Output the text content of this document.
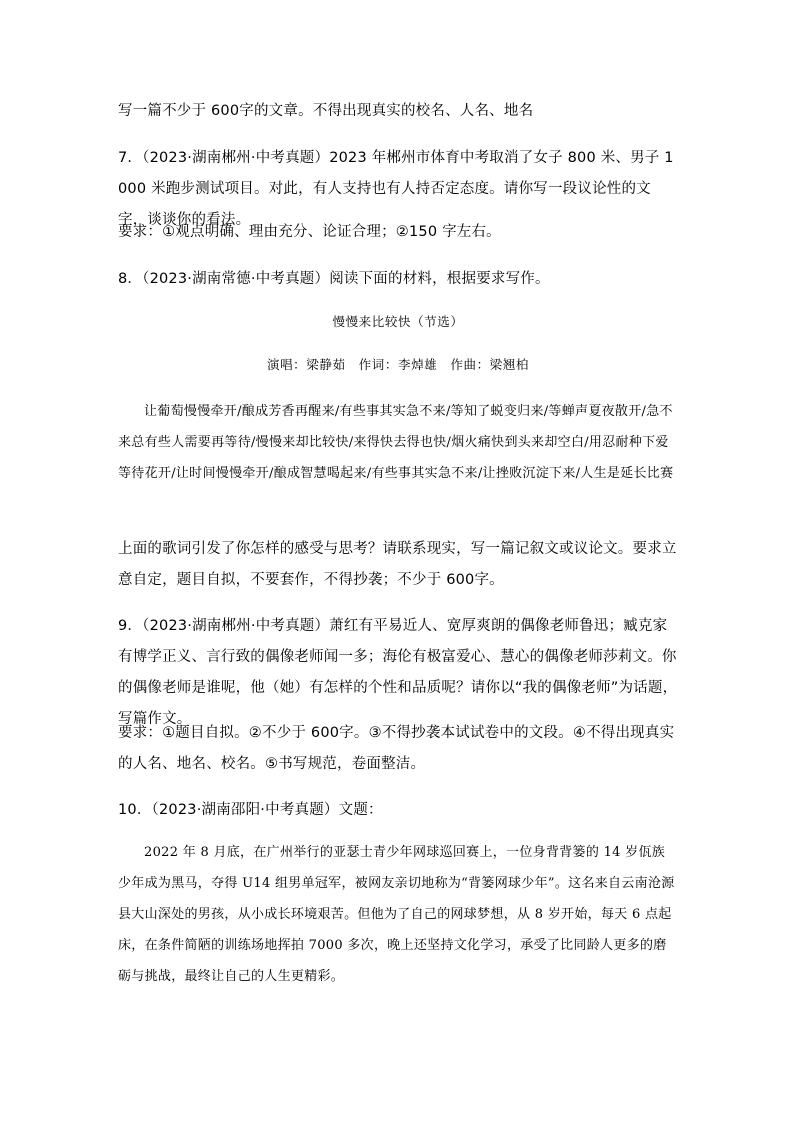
写一篇不少于 600字的文章。不得出现真实的校名、人名、地名
7．（2023·湖南郴州·中考真题）2023 年郴州市体育中考取消了女子 800 米、男子 1000 米跑步测试项目。对此，有人支持也有人持否定态度。请你写一段议论性的文字，谈谈你的看法。
要求：①观点明确、理由充分、论证合理；②150 字左右。
8．（2023·湖南常德·中考真题）阅读下面的材料，根据要求写作。
慢慢来比较快（节选）
演唱：梁静茹　作词：李焯雄　作曲：梁翘柏
让葡萄慢慢牵开/酿成芳香再醒来/有些事其实急不来/等知了蜕变归来/等蝉声夏夜散开/急不来总有些人需要再等待/慢慢来却比较快/来得快去得也快/烟火痛快到头来却空白/用忍耐种下爱等待花开/让时间慢慢牵开/酿成智慧喝起来/有些事其实急不来/让挫败沉淀下来/人生是延长比赛
上面的歌词引发了你怎样的感受与思考？请联系现实，写一篇记叙文或议论文。要求立意自定，题目自拟，不要套作，不得抄袭；不少于 600字。
9．（2023·湖南郴州·中考真题）萧红有平易近人、宽厚爽朗的偶像老师鲁迅；臧克家有博学正义、言行致的偶像老师闻一多；海伦有极富爱心、慧心的偶像老师莎莉文。你的偶像老师是谁呢，他（她）有怎样的个性和品质呢？请你以“我的偶像老师”为话题，写篇作文。
要求：①题目自拟。②不少于 600字。③不得抄袭本试试卷中的文段。④不得出现真实的人名、地名、校名。⑤书写规范，卷面整洁。
10．（2023·湖南邵阳·中考真题）文题：
2022 年 8 月底，在广州举行的亚瑟士青少年网球巡回赛上，一位身背背篓的 14 岁佤族少年成为黑马，夺得 U14 组男单冠军，被网友亲切地称为“背篓网球少年”。这名来自云南沧源县大山深处的男孩，从小成长环境艰苦。但他为了自己的网球梦想，从 8 岁开始，每天 6 点起床，在条件简陋的训练场地挥拍 7000 多次，晚上还坚持文化学习，承受了比同龄人更多的磨砺与挑战，最终让自己的人生更精彩。
